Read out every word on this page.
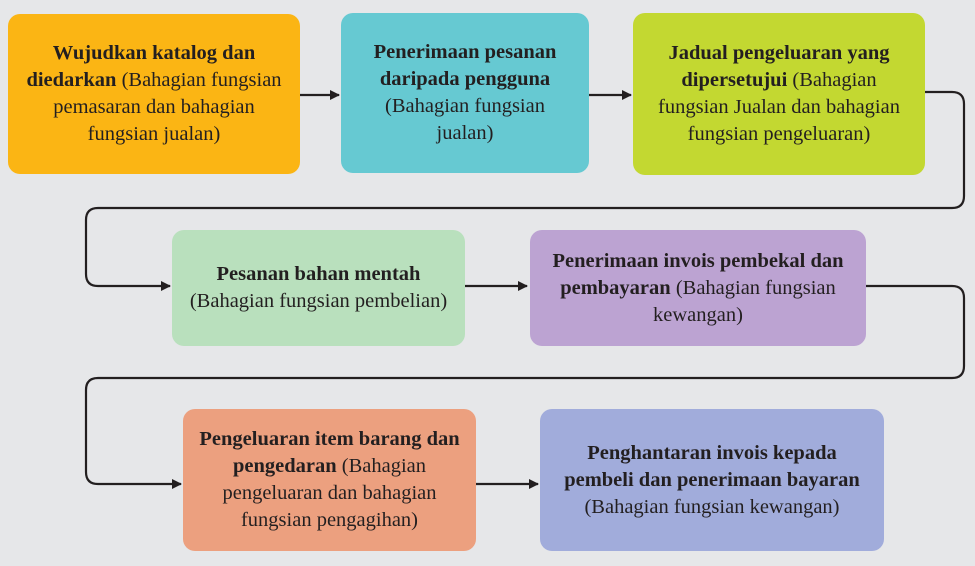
Wujudkan katalog dan diedarkan (Bahagian fungsian pemasaran dan bahagian fungsian jualan)
Penerimaan pesanan daripada pengguna (Bahagian fungsian jualan)
Jadual pengeluaran yang dipersetujui (Bahagian fungsian Jualan dan bahagian fungsian pengeluaran)
Pesanan bahan mentah (Bahagian fungsian pembelian)
Penerimaan invois pembekal dan pembayaran (Bahagian fungsian kewangan)
Pengeluaran item barang dan pengedaran (Bahagian pengeluaran dan bahagian fungsian pengagihan)
Penghantaran invois kepada pembeli dan penerimaan bayaran (Bahagian fungsian kewangan)
